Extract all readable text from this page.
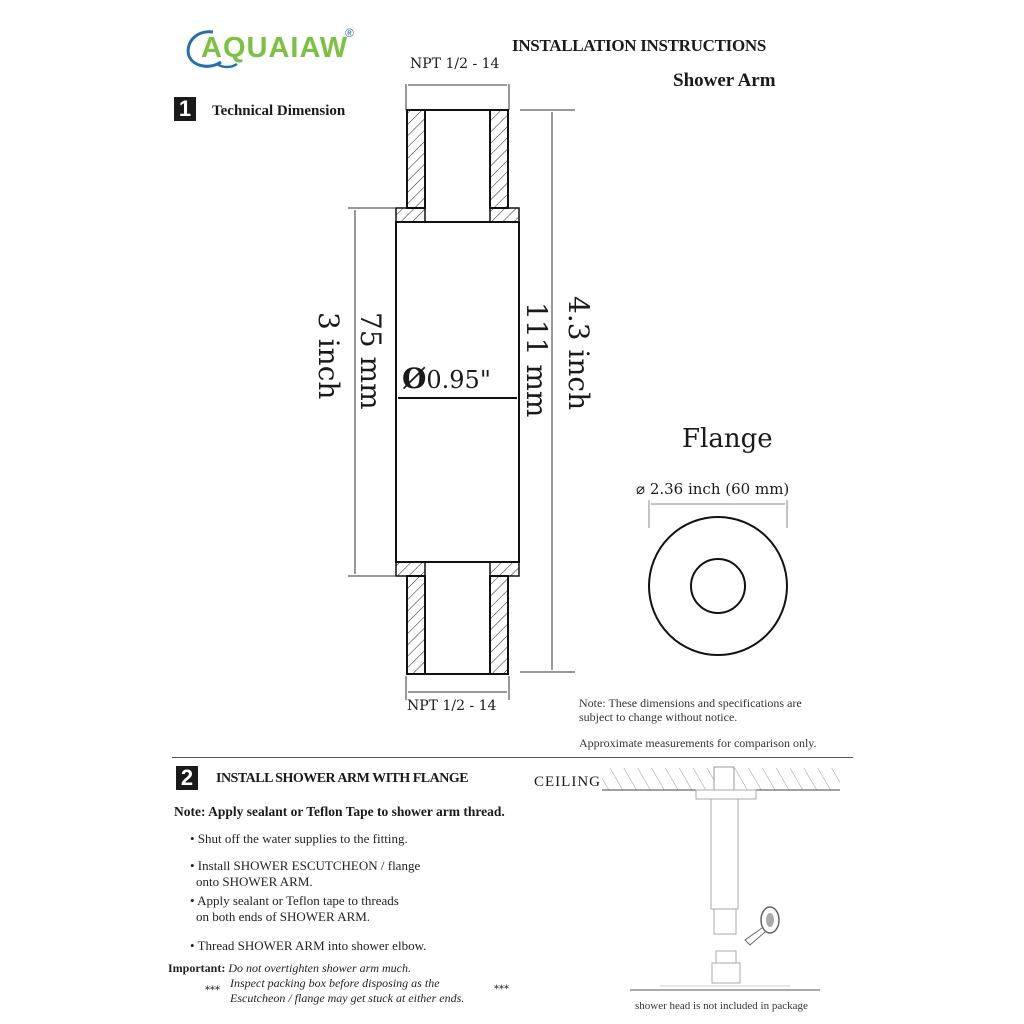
AQUAIAW
®
INSTALLATION INSTRUCTIONS
Shower Arm
1	Technical Dimension
NPT 1/2 - 14
NPT 1/2 - 14
75 mm
3 inch	111 mm 4.3 inch
Ø0.95"
Flange
⌀ 2.36 inch (60 mm)
Note: These dimensions and specifications are
subject to change without notice.
Approximate measurements for comparison only.
2	INSTALL SHOWER ARM WITH FLANGE
Note: Apply sealant or Teflon Tape to shower arm thread.
• Shut off the water supplies to the fitting.
• Install SHOWER ESCUTCHEON / flange
onto SHOWER ARM.
• Apply sealant or Teflon tape to threads
on both ends of SHOWER ARM.
• Thread SHOWER ARM into shower elbow.
Important: Do not overtighten shower arm much.
Inspect packing box before disposing as the
Escutcheon / flange may get stuck at either ends.
***	***
CEILING
shower head is not included in package
